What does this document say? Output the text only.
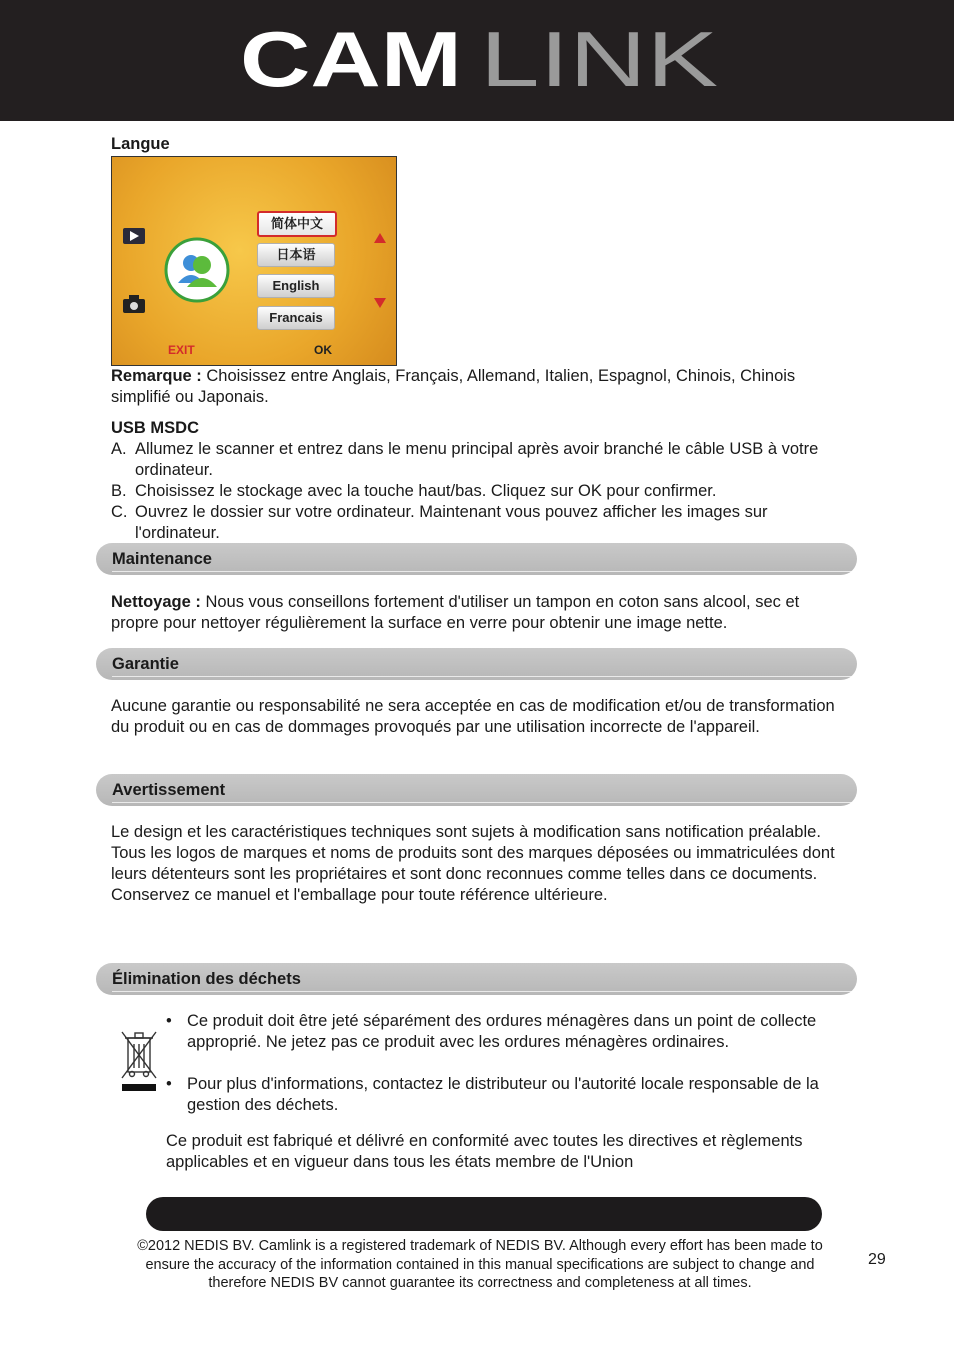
CAM LINK
Langue
简体中文
日本语
English
Francais
EXIT	OK
Remarque : Choisissez entre Anglais, Français, Allemand, Italien, Espagnol, Chinois, Chinois simplifié ou Japonais.
USB MSDC
A. Allumez le scanner et entrez dans le menu principal après avoir branché le câble USB à votre ordinateur.
B. Choisissez le stockage avec la touche haut/bas. Cliquez sur OK pour confirmer.
C. Ouvrez le dossier sur votre ordinateur. Maintenant vous pouvez afficher les images sur l'ordinateur.
Maintenance
Nettoyage : Nous vous conseillons fortement d'utiliser un tampon en coton sans alcool, sec et propre pour nettoyer régulièrement la surface en verre pour obtenir une image nette.
Garantie
Aucune garantie ou responsabilité ne sera acceptée en cas de modification et/ou de transformation du produit ou en cas de dommages provoqués par une utilisation incorrecte de l'appareil.
Avertissement
Le design et les caractéristiques techniques sont sujets à modification sans notification préalable.
Tous les logos de marques et noms de produits sont des marques déposées ou immatriculées dont leurs détenteurs sont les propriétaires et sont donc reconnues comme telles dans ce documents.
Conservez ce manuel et l'emballage pour toute référence ultérieure.
Élimination des déchets
• Ce produit doit être jeté séparément des ordures ménagères dans un point de collecte approprié. Ne jetez pas ce produit avec les ordures ménagères ordinaires.
• Pour plus d'informations, contactez le distributeur ou l'autorité locale responsable de la gestion des déchets.
Ce produit est fabriqué et délivré en conformité avec toutes les directives et règlements applicables et en vigueur dans tous les états membre de l'Union
©2012 NEDIS BV. Camlink is a registered trademark of NEDIS BV. Although every effort has been made to ensure the accuracy of the information contained in this manual specifications are subject to change and therefore NEDIS BV cannot guarantee its correctness and completeness at all times.
29
